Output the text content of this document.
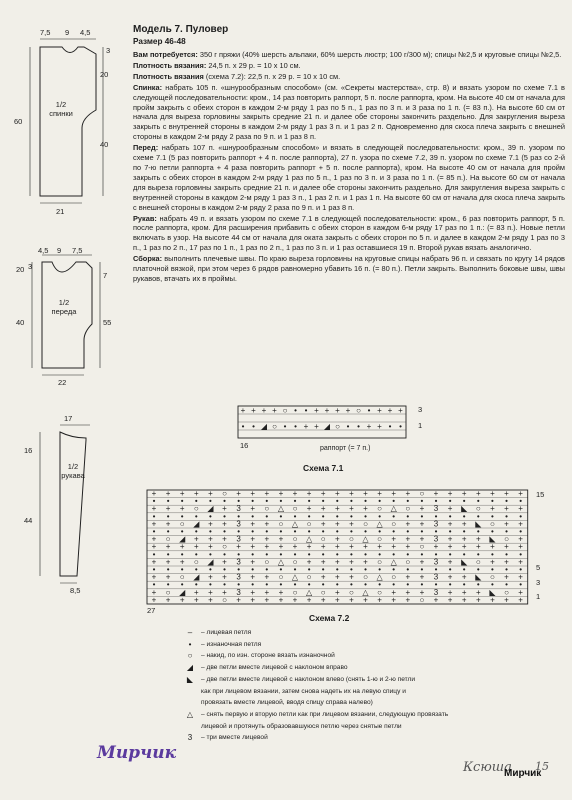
Модель 7. Пуловер
Размер 46-48

Вам потребуется: 350 г пряжи (40% шерсть альпаки, 60% шерсть люстр; 100 г/300 м); спицы №2,5 и круговые спицы №2,5.

Плотность вязания: 24,5 п. х 29 р. = 10 х 10 см.

Плотность вязания (схема 7.2): 22,5 п. х 29 р. = 10 х 10 см.

Спинка: набрать 105 п. «шнурообразным способом» (см. «Секреты мастерства», стр. 8) и вязать узором по схеме 7.1 в следующей последовательности: кром., 14 раз повторить раппорт, 5 п. после раппорта, кром. На высоте 40 см от начала для пройм закрыть с обеих сторон в каждом 2-м ряду 1 раз по 5 п., 1 раз по 3 п. и 3 раза по 1 п. (= 83 п.). На высоте 60 см от начала для выреза горловины закрыть средние 21 п. и далее обе стороны закончить раздельно. Для закругления выреза закрыть с внутренней стороны в каждом 2-м ряду 1 раз 3 п. и 1 раз 2 п. Одновременно для скоса плеча закрыть с внешней стороны в каждом 2-м ряду 2 раза по 9 п. и 1 раз 8 п.

Перед: набрать 107 п. «шнурообразным способом» и вязать в следующей последовательности: кром., 39 п. узором по схеме 7.1 (5 раз повторить раппорт + 4 п. после раппорта), 27 п. узора по схеме 7.2, 39 п. узором по схеме 7.1 (5 раз со 2-й по 7-ю петли раппорта + 4 раза повторить раппорт + 5 п. после раппорта), кром. На высоте 40 см от начала для пройм закрыть с обеих сторон в каждом 2-м ряду 1 раз по 5 п., 1 раз по 3 п. и 3 раза по 1 п. (= 85 п.). На высоте 60 см от начала для выреза горловины закрыть средние 21 п. и далее обе стороны закончить раздельно. Для закругления выреза закрыть с внутренней стороны в каждом 2-м ряду 1 раз 3 п., 1 раз 2 п. и 1 раз 1 п. На высоте 60 см от начала для скоса плеча закрыть с внешней стороны в каждом 2-м ряду 2 раза по 9 п. и 1 раз 8 п.

Рукав: набрать 49 п. и вязать узором по схеме 7.1 в следующей последовательности: кром., 6 раз повторить раппорт, 5 п. после раппорта, кром. Для расширения прибавить с обеих сторон в каждом 6-м ряду 17 раз по 1 п.: (= 83 п.). Новые петли включать в узор. На высоте 44 см от начала для оката закрыть с обеих сторон по 5 п. и далее в каждом 2-м ряду 1 раз по 3 п., 1 раз по 2 п., 17 раз по 1 п., 1 раз по 2 п., 1 раз по 3 п. и 1 раз оставшиеся 19 п. Второй рукав вязать аналогично.

Сборка: выполнить плечевые швы. По краю выреза горловины на круговые спицы набрать 96 п. и связать по кругу 14 рядов платочной вязкой, при этом через 6 рядов равномерно убавить 16 п. (= 80 п.). Петли закрыть. Выполнить боковые швы, швы рукавов, втачать их в проймы.

1/2
спинки
7,5 9 4,5
3
20
40
60
21
1/2
переда
4,5 9 7,5
3
7
55
20
40
22
1/2
рукава
17
16
44
8,5
+ + + + ○ • • + + + + ○ • + + +
• • ◢ ○ • • + + ◢ ○ • • + + • •
3
1
16	раппорт (= 7 п.)
Схема 7.1
+ + + + + ○ + + + + + + + + + + + + + ○ + + + + + + +
• • • • • • • • • • • • • • • • • • • • • • • • • • •
+ + + ○ ◢ + 3 + ○ △ ○ + + + + + ○ △ ○ + 3 + ◣ ○ + + +
• • • • • • • • • • • • • • • • • • • • • • • • • • •
+ + ○ ◢ + + 3 + + ○ △ ○ + + + ○ △ ○ + + 3 + + ◣ ○ + +
• • • • • • • • • • • • • • • • • • • • • • • • • • •
+ ○ ◢ + + + 3 + + + ○ △ ○ + ○ △ ○ + + + 3 + + + ◣ ○ +
+ + + + + ○ + + + + + + + + + + + + + ○ + + + + + + +
• • • • • • • • • • • • • • • • • • • • • • • • • • •
+ + + ○ ◢ + 3 + ○ △ ○ + + + + + ○ △ ○ + 3 + ◣ ○ + + +
• • • • • • • • • • • • • • • • • • • • • • • • • • •
+ + ○ ◢ + + 3 + + ○ △ ○ + + + ○ △ ○ + + 3 + + ◣ ○ + +
• • • • • • • • • • • • • • • • • • • • • • • • • • •
+ ○ ◢ + + + 3 + + + ○ △ ○ + ○ △ ○ + + + 3 + + + ◣ ○ +
+ + + + + ○ + + + + + + + + + + + + + ○ + + + + + + +
15
5
3
1
27
Схема 7.2
–	– лицевая петля
•	– изнаночная петля
○	– накид, по изн. стороне вязать изнаночной
◢	– две петли вместе лицевой с наклоном вправо
◣	– две петли вместе лицевой с наклоном влево (снять 1-ю и 2-ю петли
как при лицевом вязании, затем снова надеть их на левую спицу и
провязать вместе лицевой, вводя спицу справа налево)
△	– снять первую и вторую петли как при лицевом вязании, следующую провязать
лицевой и протянуть образовавшуюся петлю через снятые петли
3	– три вместе лицевой
Мирчик
Ксюша 15
Мирчик
